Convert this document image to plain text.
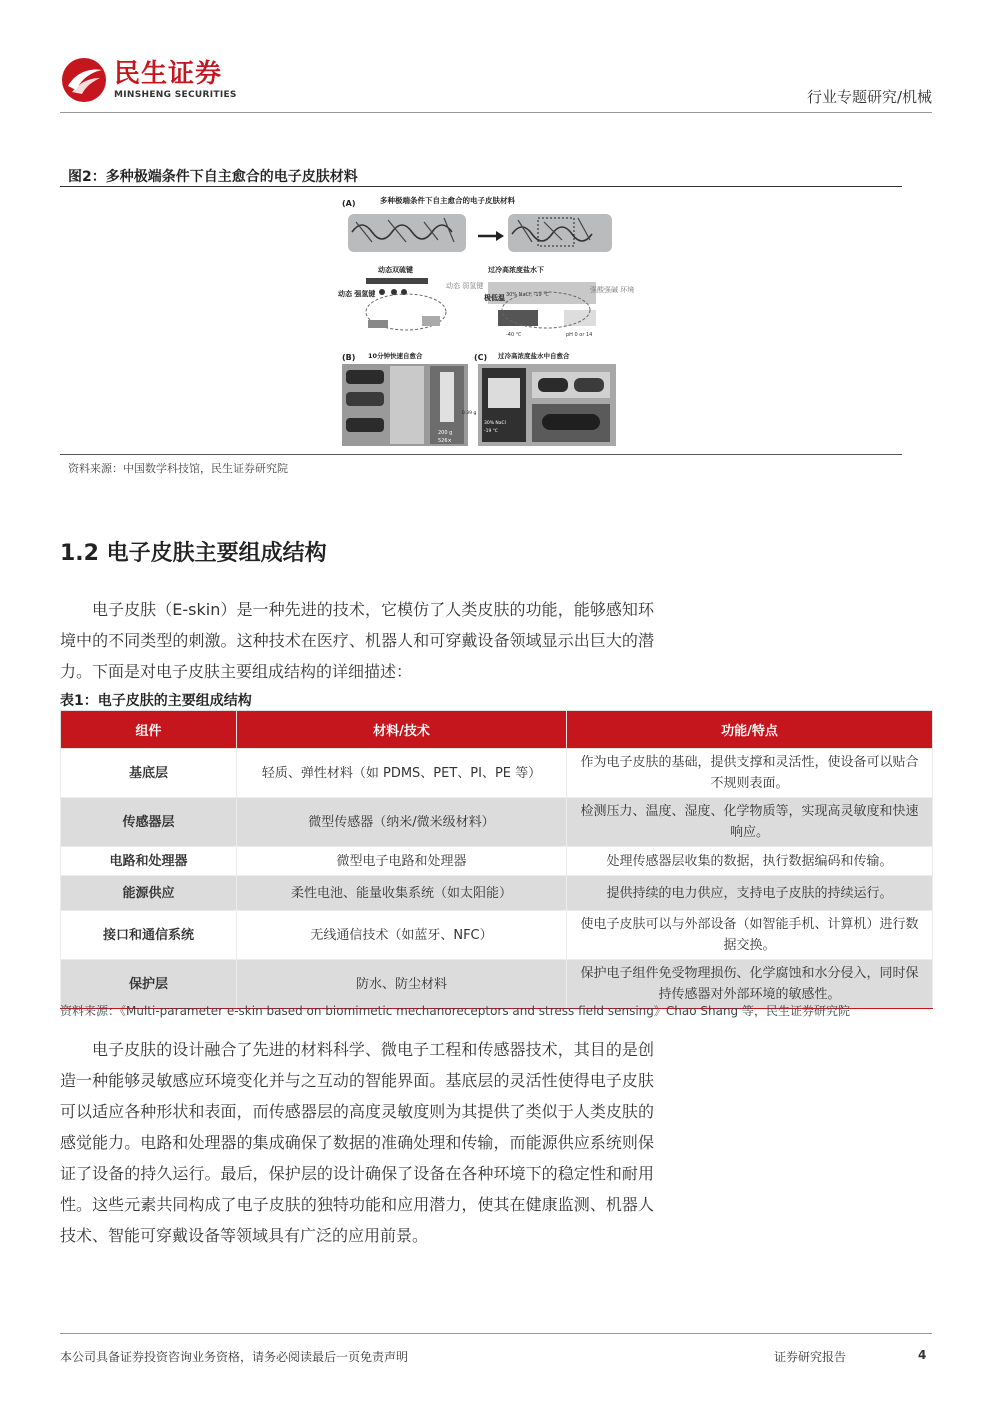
民生证券
MINSHENG SECURITIES	行业专题研究/机械
图2：多种极端条件下自主愈合的电子皮肤材料
(A)	多种极端条件下自主愈合的电子皮肤材料
动态双硫键
动态 强氢键
动态 弱氢键
过冷高浓度盐水下
30% NaCl, -19 ℃
极低温
强酸强碱 环境
-40 ℃	pH 0 or 14
(B) 10分钟快速自愈合
200 g
526×
0.39 g
(C) 过冷高浓度盐水中自愈合
30% NaCl
-19 ℃
资料来源：中国数学科技馆，民生证券研究院
1.2 电子皮肤主要组成结构

电子皮肤（E-skin）是一种先进的技术，它模仿了人类皮肤的功能，能够感知环境中的不同类型的刺激。这种技术在医疗、机器人和可穿戴设备领域显示出巨大的潜力。下面是对电子皮肤主要组成结构的详细描述：

表1：电子皮肤的主要组成结构
组件	材料/技术	功能/特点
基底层	轻质、弹性材料（如 PDMS、PET、PI、PE 等）	作为电子皮肤的基础，提供支撑和灵活性，使设备可以贴合不规则表面。
传感器层	微型传感器（纳米/微米级材料）	检测压力、温度、湿度、化学物质等，实现高灵敏度和快速响应。
电路和处理器	微型电子电路和处理器	处理传感器层收集的数据，执行数据编码和传输。
能源供应	柔性电池、能量收集系统（如太阳能）	提供持续的电力供应，支持电子皮肤的持续运行。
接口和通信系统	无线通信技术（如蓝牙、NFC）	使电子皮肤可以与外部设备（如智能手机、计算机）进行数据交换。
保护层	防水、防尘材料	保护电子组件免受物理损伤、化学腐蚀和水分侵入，同时保持传感器对外部环境的敏感性。
资料来源：《Multi-parameter e-skin based on biomimetic mechanoreceptors and stress field sensing》Chao Shang 等，民生证券研究院

电子皮肤的设计融合了先进的材料科学、微电子工程和传感器技术，其目的是创造一种能够灵敏感应环境变化并与之互动的智能界面。基底层的灵活性使得电子皮肤可以适应各种形状和表面，而传感器层的高度灵敏度则为其提供了类似于人类皮肤的感觉能力。电路和处理器的集成确保了数据的准确处理和传输，而能源供应系统则保证了设备的持久运行。最后，保护层的设计确保了设备在各种环境下的稳定性和耐用性。这些元素共同构成了电子皮肤的独特功能和应用潜力，使其在健康监测、机器人技术、智能可穿戴设备等领域具有广泛的应用前景。

本公司具备证券投资咨询业务资格，请务必阅读最后一页免责声明	证券研究报告	4
